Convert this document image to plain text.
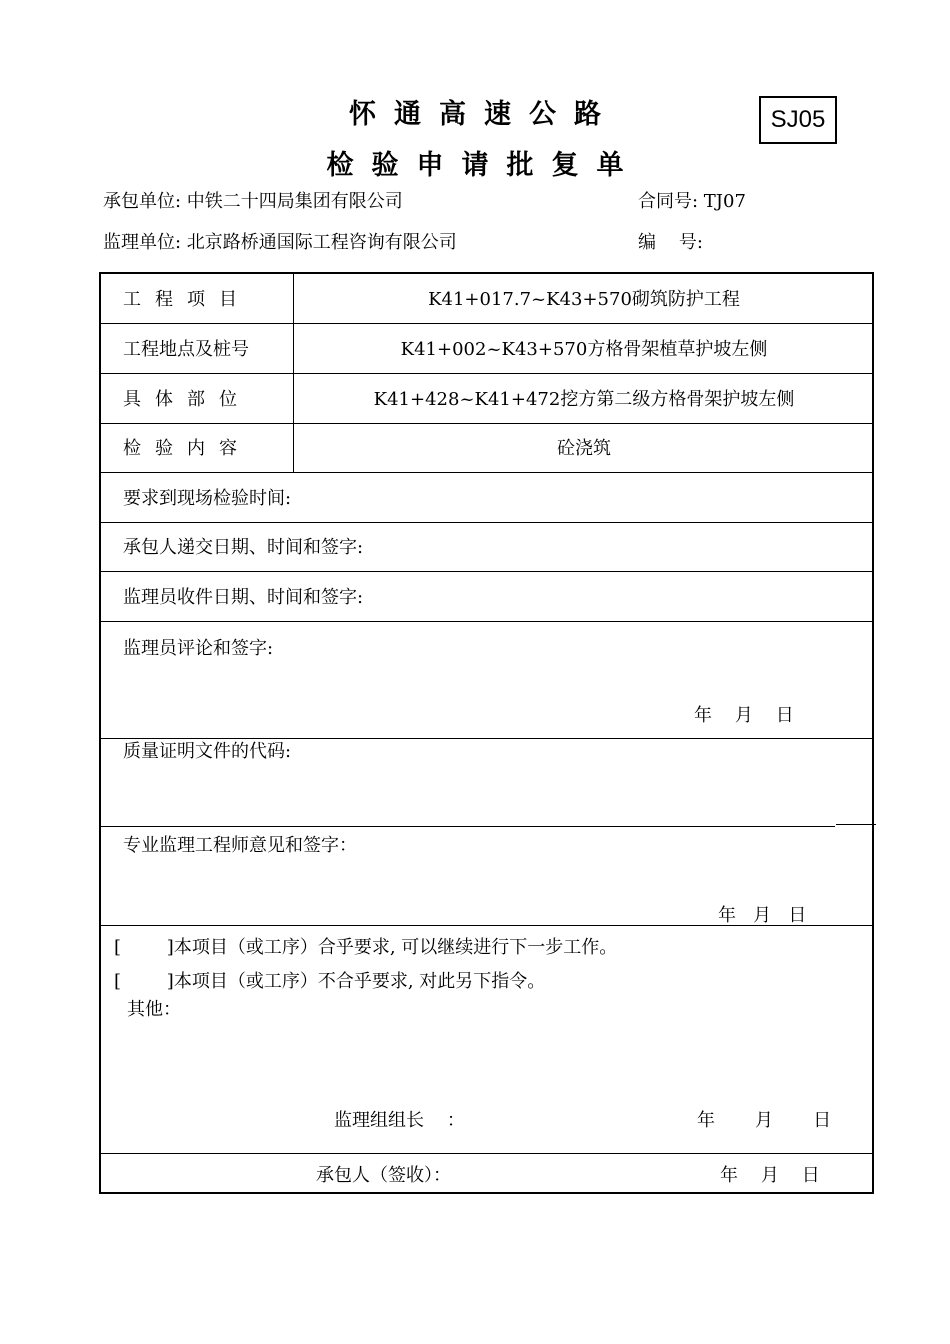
怀通高速公路
检验申请批复单
SJ05
承包单位: 中铁二十四局集团有限公司	合同号: TJ07
监理单位: 北京路桥通国际工程咨询有限公司	编    号:
工程项目	K41+017.7~K43+570砌筑防护工程
工程地点及桩号	K41+002~K43+570方格骨架植草护坡左侧
具体部位	K41+428~K41+472挖方第二级方格骨架护坡左侧
检验内容	砼浇筑
要求到现场检验时间:
承包人递交日期、时间和签字:
监理员收件日期、时间和签字:
监理员评论和签字:
年    月    日
质量证明文件的代码:
专业监理工程师意见和签字：
年   月   日
[        ]本项目（或工序）合乎要求, 可以继续进行下一步工作。
[        ]本项目（或工序）不合乎要求, 对此另下指令。
其他：
监理组组长    ：	年       月       日
承包人（签收）：	年    月    日
